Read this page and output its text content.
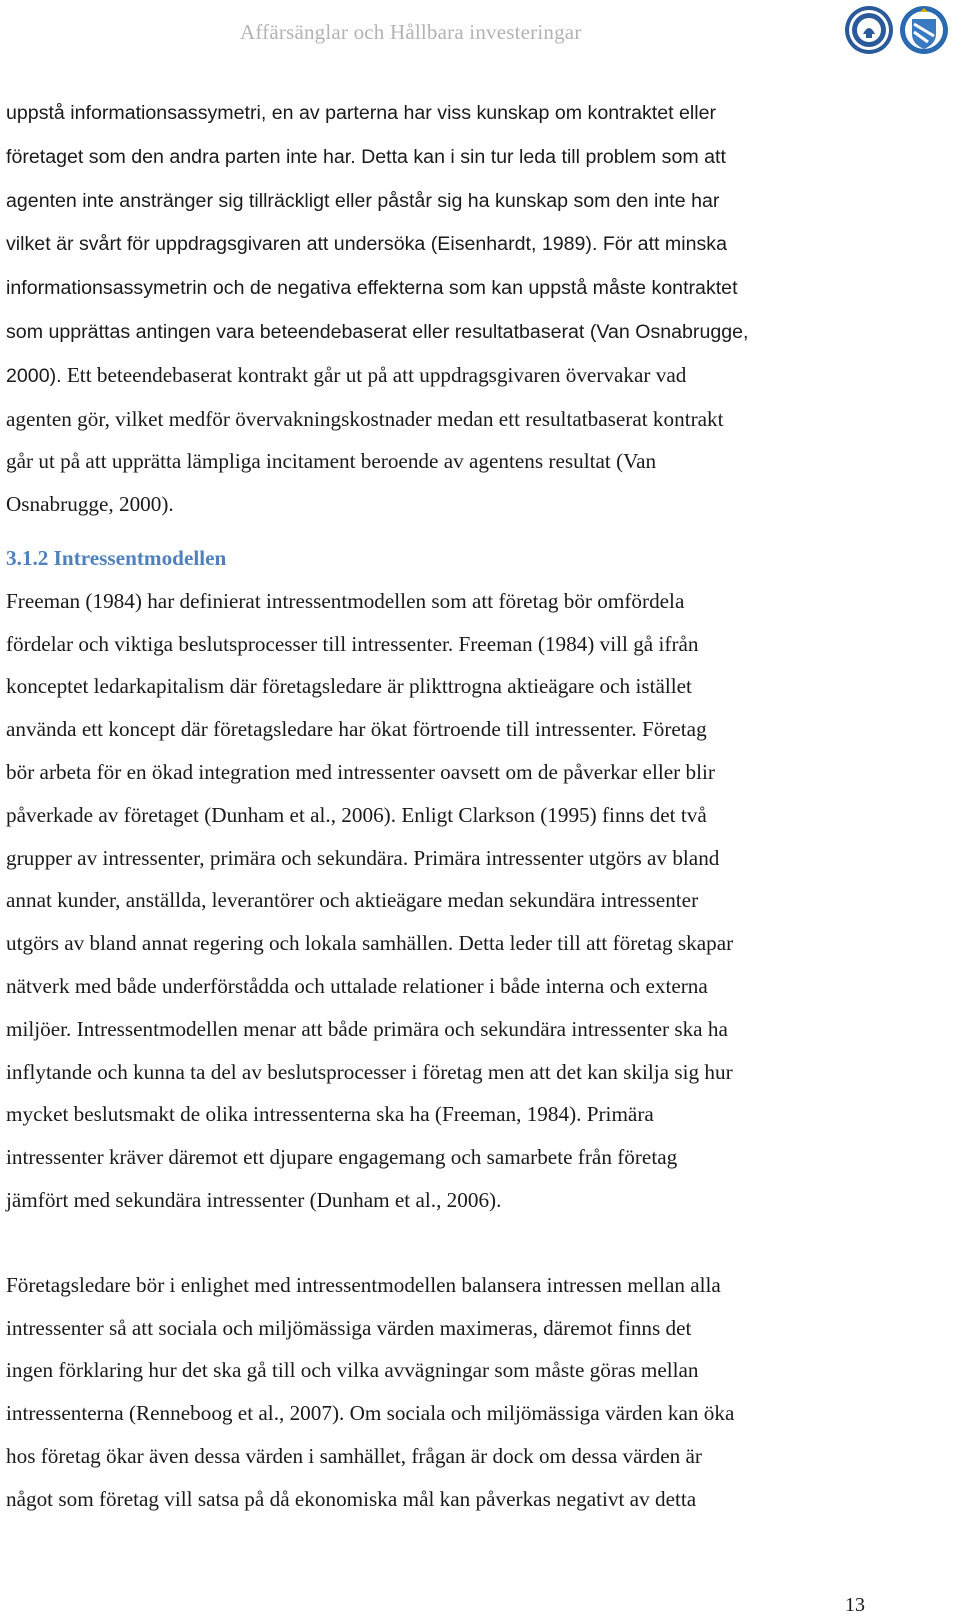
Affärsänglar och Hållbara investeringar

uppstå informationsassymetri, en av parterna har viss kunskap om kontraktet eller
företaget som den andra parten inte har. Detta kan i sin tur leda till problem som att
agenten inte anstränger sig tillräckligt eller påstår sig ha kunskap som den inte har
vilket är svårt för uppdragsgivaren att undersöka (Eisenhardt, 1989). För att minska
informationsassymetrin och de negativa effekterna som kan uppstå måste kontraktet
som upprättas antingen vara beteendebaserat eller resultatbaserat (Van Osnabrugge,
2000). Ett beteendebaserat kontrakt går ut på att uppdragsgivaren övervakar vad
agenten gör, vilket medför övervakningskostnader medan ett resultatbaserat kontrakt
går ut på att upprätta lämpliga incitament beroende av agentens resultat (Van
Osnabrugge, 2000).

3.1.2 Intressentmodellen

Freeman (1984) har definierat intressentmodellen som att företag bör omfördela
fördelar och viktiga beslutsprocesser till intressenter. Freeman (1984) vill gå ifrån
konceptet ledarkapitalism där företagsledare är plikttrogna aktieägare och istället
använda ett koncept där företagsledare har ökat förtroende till intressenter. Företag
bör arbeta för en ökad integration med intressenter oavsett om de påverkar eller blir
påverkade av företaget (Dunham et al., 2006). Enligt Clarkson (1995) finns det två
grupper av intressenter, primära och sekundära. Primära intressenter utgörs av bland
annat kunder, anställda, leverantörer och aktieägare medan sekundära intressenter
utgörs av bland annat regering och lokala samhällen. Detta leder till att företag skapar
nätverk med både underförstådda och uttalade relationer i både interna och externa
miljöer. Intressentmodellen menar att både primära och sekundära intressenter ska ha
inflytande och kunna ta del av beslutsprocesser i företag men att det kan skilja sig hur
mycket beslutsmakt de olika intressenterna ska ha (Freeman, 1984). Primära
intressenter kräver däremot ett djupare engagemang och samarbete från företag
jämfört med sekundära intressenter (Dunham et al., 2006).

Företagsledare bör i enlighet med intressentmodellen balansera intressen mellan alla
intressenter så att sociala och miljömässiga värden maximeras, däremot finns det
ingen förklaring hur det ska gå till och vilka avvägningar som måste göras mellan
intressenterna (Renneboog et al., 2007). Om sociala och miljömässiga värden kan öka
hos företag ökar även dessa värden i samhället, frågan är dock om dessa värden är
något som företag vill satsa på då ekonomiska mål kan påverkas negativt av detta

13
